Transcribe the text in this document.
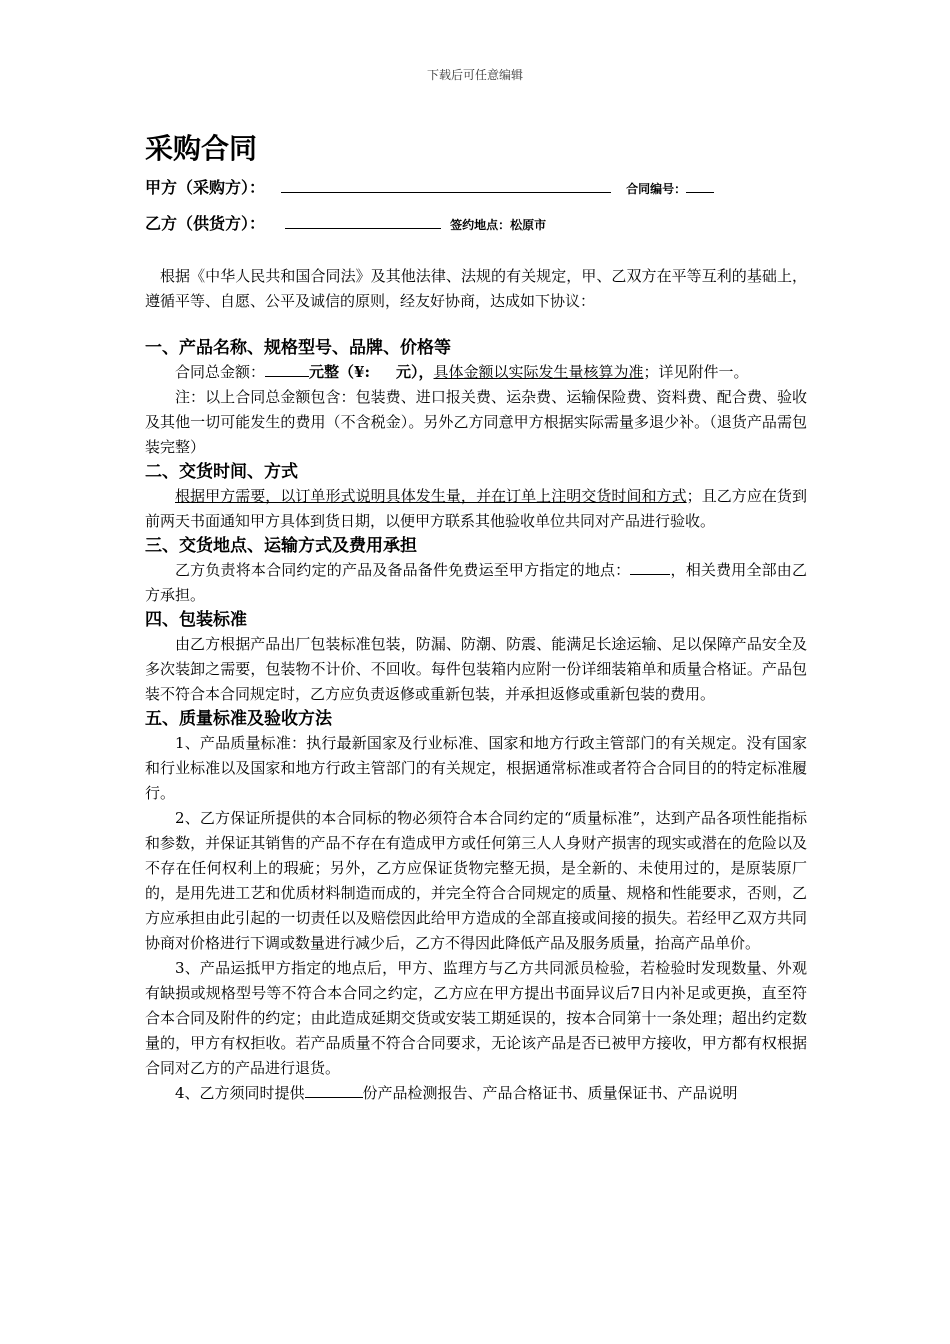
下载后可任意编辑
采购合同
甲方（采购方）：	合同编号：
乙方（供货方）：	签约地点：松原市

根据《中华人民共和国合同法》及其他法律、法规的有关规定，甲、乙双方在平等互利的基础上，遵循平等、自愿、公平及诚信的原则，经友好协商，达成如下协议：

一、产品名称、规格型号、品牌、价格等

合同总金额：	元整（¥: 元），具体金额以实际发生量核算为准；详见附件一。

注：以上合同总金额包含：包装费、进口报关费、运杂费、运输保险费、资料费、配合费、验收及其他一切可能发生的费用（不含税金）。另外乙方同意甲方根据实际需量多退少补。（退货产品需包装完整）

二、交货时间、方式

根据甲方需要，以订单形式说明具体发生量，并在订单上注明交货时间和方式；且乙方应在货到前两天书面通知甲方具体到货日期，以便甲方联系其他验收单位共同对产品进行验收。

三、交货地点、运输方式及费用承担

乙方负责将本合同约定的产品及备品备件免费运至甲方指定的地点：	，相关费用全部由乙方承担。

四、包装标准

由乙方根据产品出厂包装标准包装，防漏、防潮、防震、能满足长途运输、足以保障产品安全及多次装卸之需要，包装物不计价、不回收。每件包装箱内应附一份详细装箱单和质量合格证。产品包装不符合本合同规定时，乙方应负责返修或重新包装，并承担返修或重新包装的费用。

五、质量标准及验收方法

1、产品质量标准：执行最新国家及行业标准、国家和地方行政主管部门的有关规定。没有国家和行业标准以及国家和地方行政主管部门的有关规定，根据通常标准或者符合合同目的的特定标准履行。

2、乙方保证所提供的本合同标的物必须符合本合同约定的“质量标准”，达到产品各项性能指标和参数，并保证其销售的产品不存在有造成甲方或任何第三人人身财产损害的现实或潜在的危险以及不存在任何权利上的瑕疵；另外，乙方应保证货物完整无损，是全新的、未使用过的，是原装原厂的，是用先进工艺和优质材料制造而成的，并完全符合合同规定的质量、规格和性能要求，否则，乙方应承担由此引起的一切责任以及赔偿因此给甲方造成的全部直接或间接的损失。若经甲乙双方共同协商对价格进行下调或数量进行减少后，乙方不得因此降低产品及服务质量，抬高产品单价。

3、产品运抵甲方指定的地点后，甲方、监理方与乙方共同派员检验，若检验时发现数量、外观有缺损或规格型号等不符合本合同之约定，乙方应在甲方提出书面异议后7日内补足或更换，直至符合本合同及附件的约定；由此造成延期交货或安装工期延误的，按本合同第十一条处理；超出约定数量的，甲方有权拒收。若产品质量不符合合同要求，无论该产品是否已被甲方接收，甲方都有权根据合同对乙方的产品进行退货。

4、乙方须同时提供	份产品检测报告、产品合格证书、质量保证书、产品说明
